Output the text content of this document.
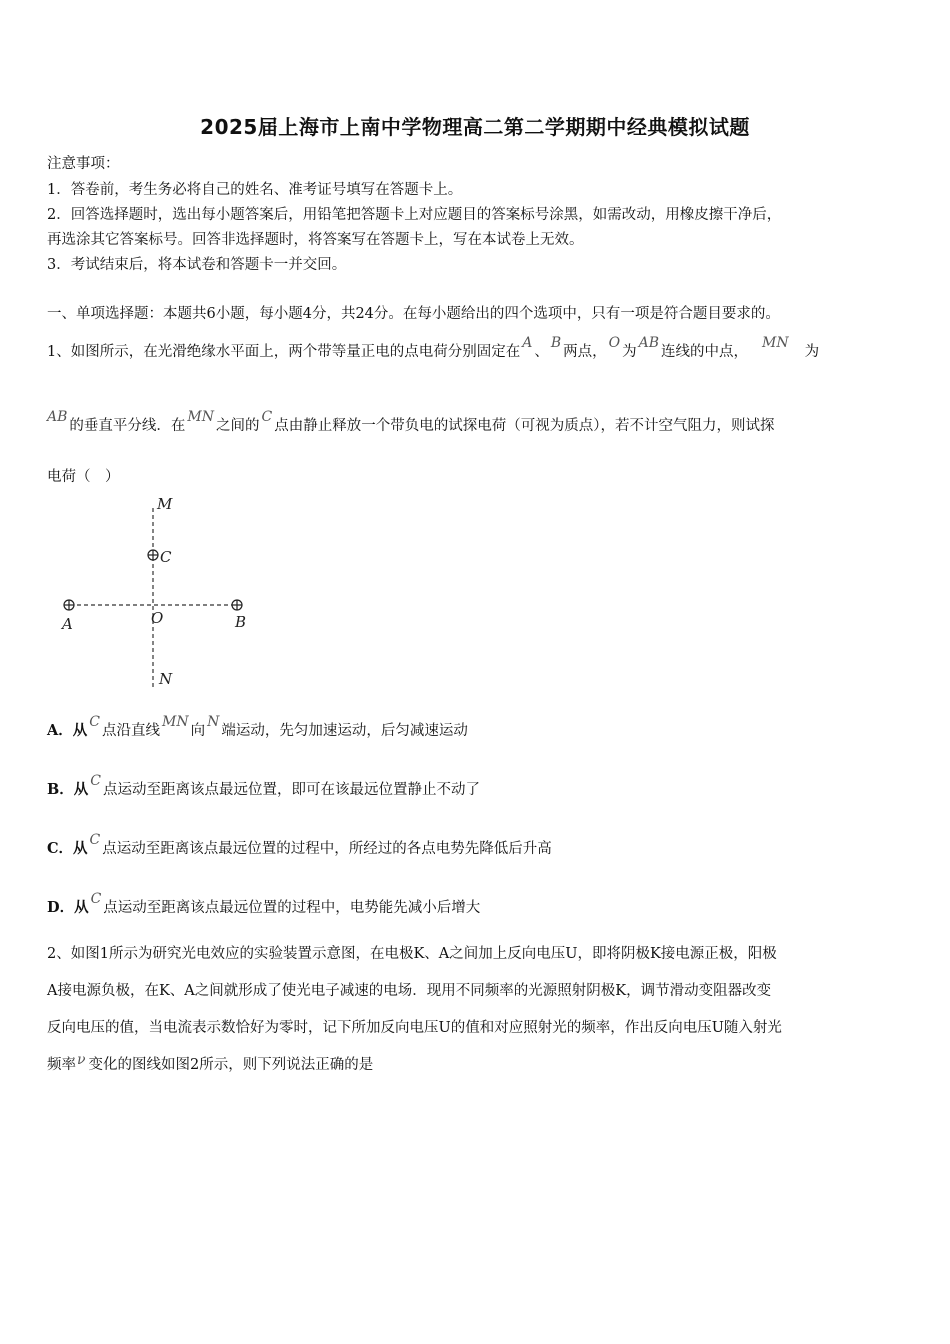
2025届上海市上南中学物理高二第二学期期中经典模拟试题
注意事项：
1．答卷前，考生务必将自己的姓名、准考证号填写在答题卡上。
2．回答选择题时，选出每小题答案后，用铅笔把答题卡上对应题目的答案标号涂黑，如需改动，用橡皮擦干净后，
再选涂其它答案标号。回答非选择题时，将答案写在答题卡上，写在本试卷上无效。
3．考试结束后，将本试卷和答题卡一并交回。
一、单项选择题：本题共6小题，每小题4分，共24分。在每小题给出的四个选项中，只有一项是符合题目要求的。
1、如图所示，在光滑绝缘水平面上，两个带等量正电的点电荷分别固定在A、B两点，O为AB连线的中点，MN为
AB的垂直平分线．在MN之间的C点由静止释放一个带负电的试探电荷（可视为质点），若不计空气阻力，则试探
电荷（　）
M
C
A	O	B
N
A．从 C点沿直线MN向N端运动，先匀加速运动，后匀减速运动
B．从 C点运动至距离该点最远位置，即可在该最远位置静止不动了
C．从 C点运动至距离该点最远位置的过程中，所经过的各点电势先降低后升高
D．从 C点运动至距离该点最远位置的过程中，电势能先减小后增大
2、如图1所示为研究光电效应的实验装置示意图，在电极K、A之间加上反向电压U，即将阴极K接电源正极，阳极
A接电源负极，在K、A之间就形成了使光电子减速的电场．现用不同频率的光源照射阴极K，调节滑动变阻器改变
反向电压的值，当电流表示数恰好为零时，记下所加反向电压U的值和对应照射光的频率，作出反向电压U随入射光
频率ν 变化的图线如图2所示，则下列说法正确的是
